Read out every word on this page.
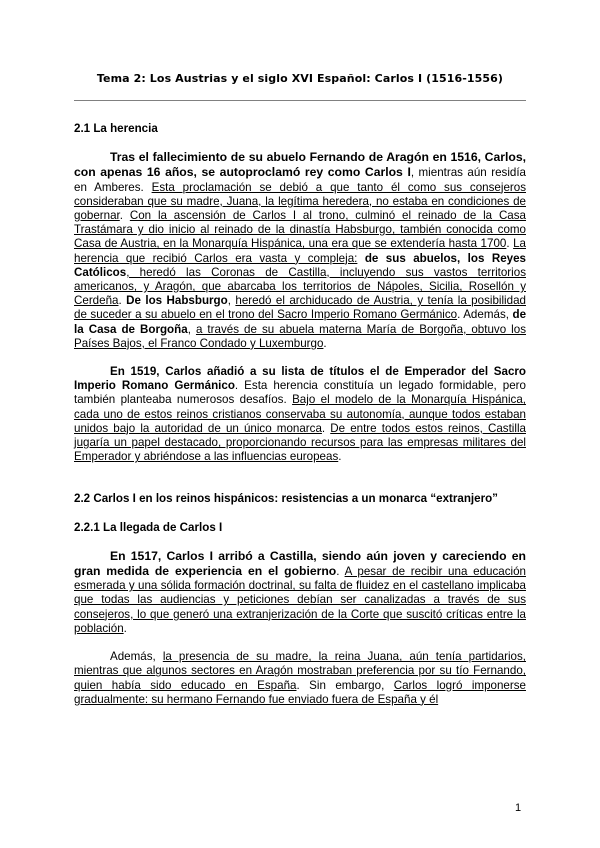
Tema 2: Los Austrias y el siglo XVI Español: Carlos I (1516-1556)

2.1 La herencia

Tras el fallecimiento de su abuelo Fernando de Aragón en 1516, Carlos, con apenas 16 años, se autoproclamó rey como Carlos I, mientras aún residía en Amberes. Esta proclamación se debió a que tanto él como sus consejeros consideraban que su madre, Juana, la legítima heredera, no estaba en condiciones de gobernar. Con la ascensión de Carlos I al trono, culminó el reinado de la Casa Trastámara y dio inicio al reinado de la dinastía Habsburgo, también conocida como Casa de Austria, en la Monarquía Hispánica, una era que se extendería hasta 1700. La herencia que recibió Carlos era vasta y compleja: de sus abuelos, los Reyes Católicos, heredó las Coronas de Castilla, incluyendo sus vastos territorios americanos, y Aragón, que abarcaba los territorios de Nápoles, Sicilia, Rosellón y Cerdeña. De los Habsburgo, heredó el archiducado de Austria, y tenía la posibilidad de suceder a su abuelo en el trono del Sacro Imperio Romano Germánico. Además, de la Casa de Borgoña, a través de su abuela materna María de Borgoña, obtuvo los Países Bajos, el Franco Condado y Luxemburgo.

En 1519, Carlos añadió a su lista de títulos el de Emperador del Sacro Imperio Romano Germánico. Esta herencia constituía un legado formidable, pero también planteaba numerosos desafíos. Bajo el modelo de la Monarquía Hispánica, cada uno de estos reinos cristianos conservaba su autonomía, aunque todos estaban unidos bajo la autoridad de un único monarca. De entre todos estos reinos, Castilla jugaría un papel destacado, proporcionando recursos para las empresas militares del Emperador y abriéndose a las influencias europeas.

2.2 Carlos I en los reinos hispánicos: resistencias a un monarca “extranjero”

2.2.1 La llegada de Carlos I

En 1517, Carlos I arribó a Castilla, siendo aún joven y careciendo en gran medida de experiencia en el gobierno. A pesar de recibir una educación esmerada y una sólida formación doctrinal, su falta de fluidez en el castellano implicaba que todas las audiencias y peticiones debían ser canalizadas a través de sus consejeros, lo que generó una extranjerización de la Corte que suscitó críticas entre la población.

Además, la presencia de su madre, la reina Juana, aún tenía partidarios, mientras que algunos sectores en Aragón mostraban preferencia por su tío Fernando, quien había sido educado en España. Sin embargo, Carlos logró imponerse gradualmente: su hermano Fernando fue enviado fuera de España y él

1
